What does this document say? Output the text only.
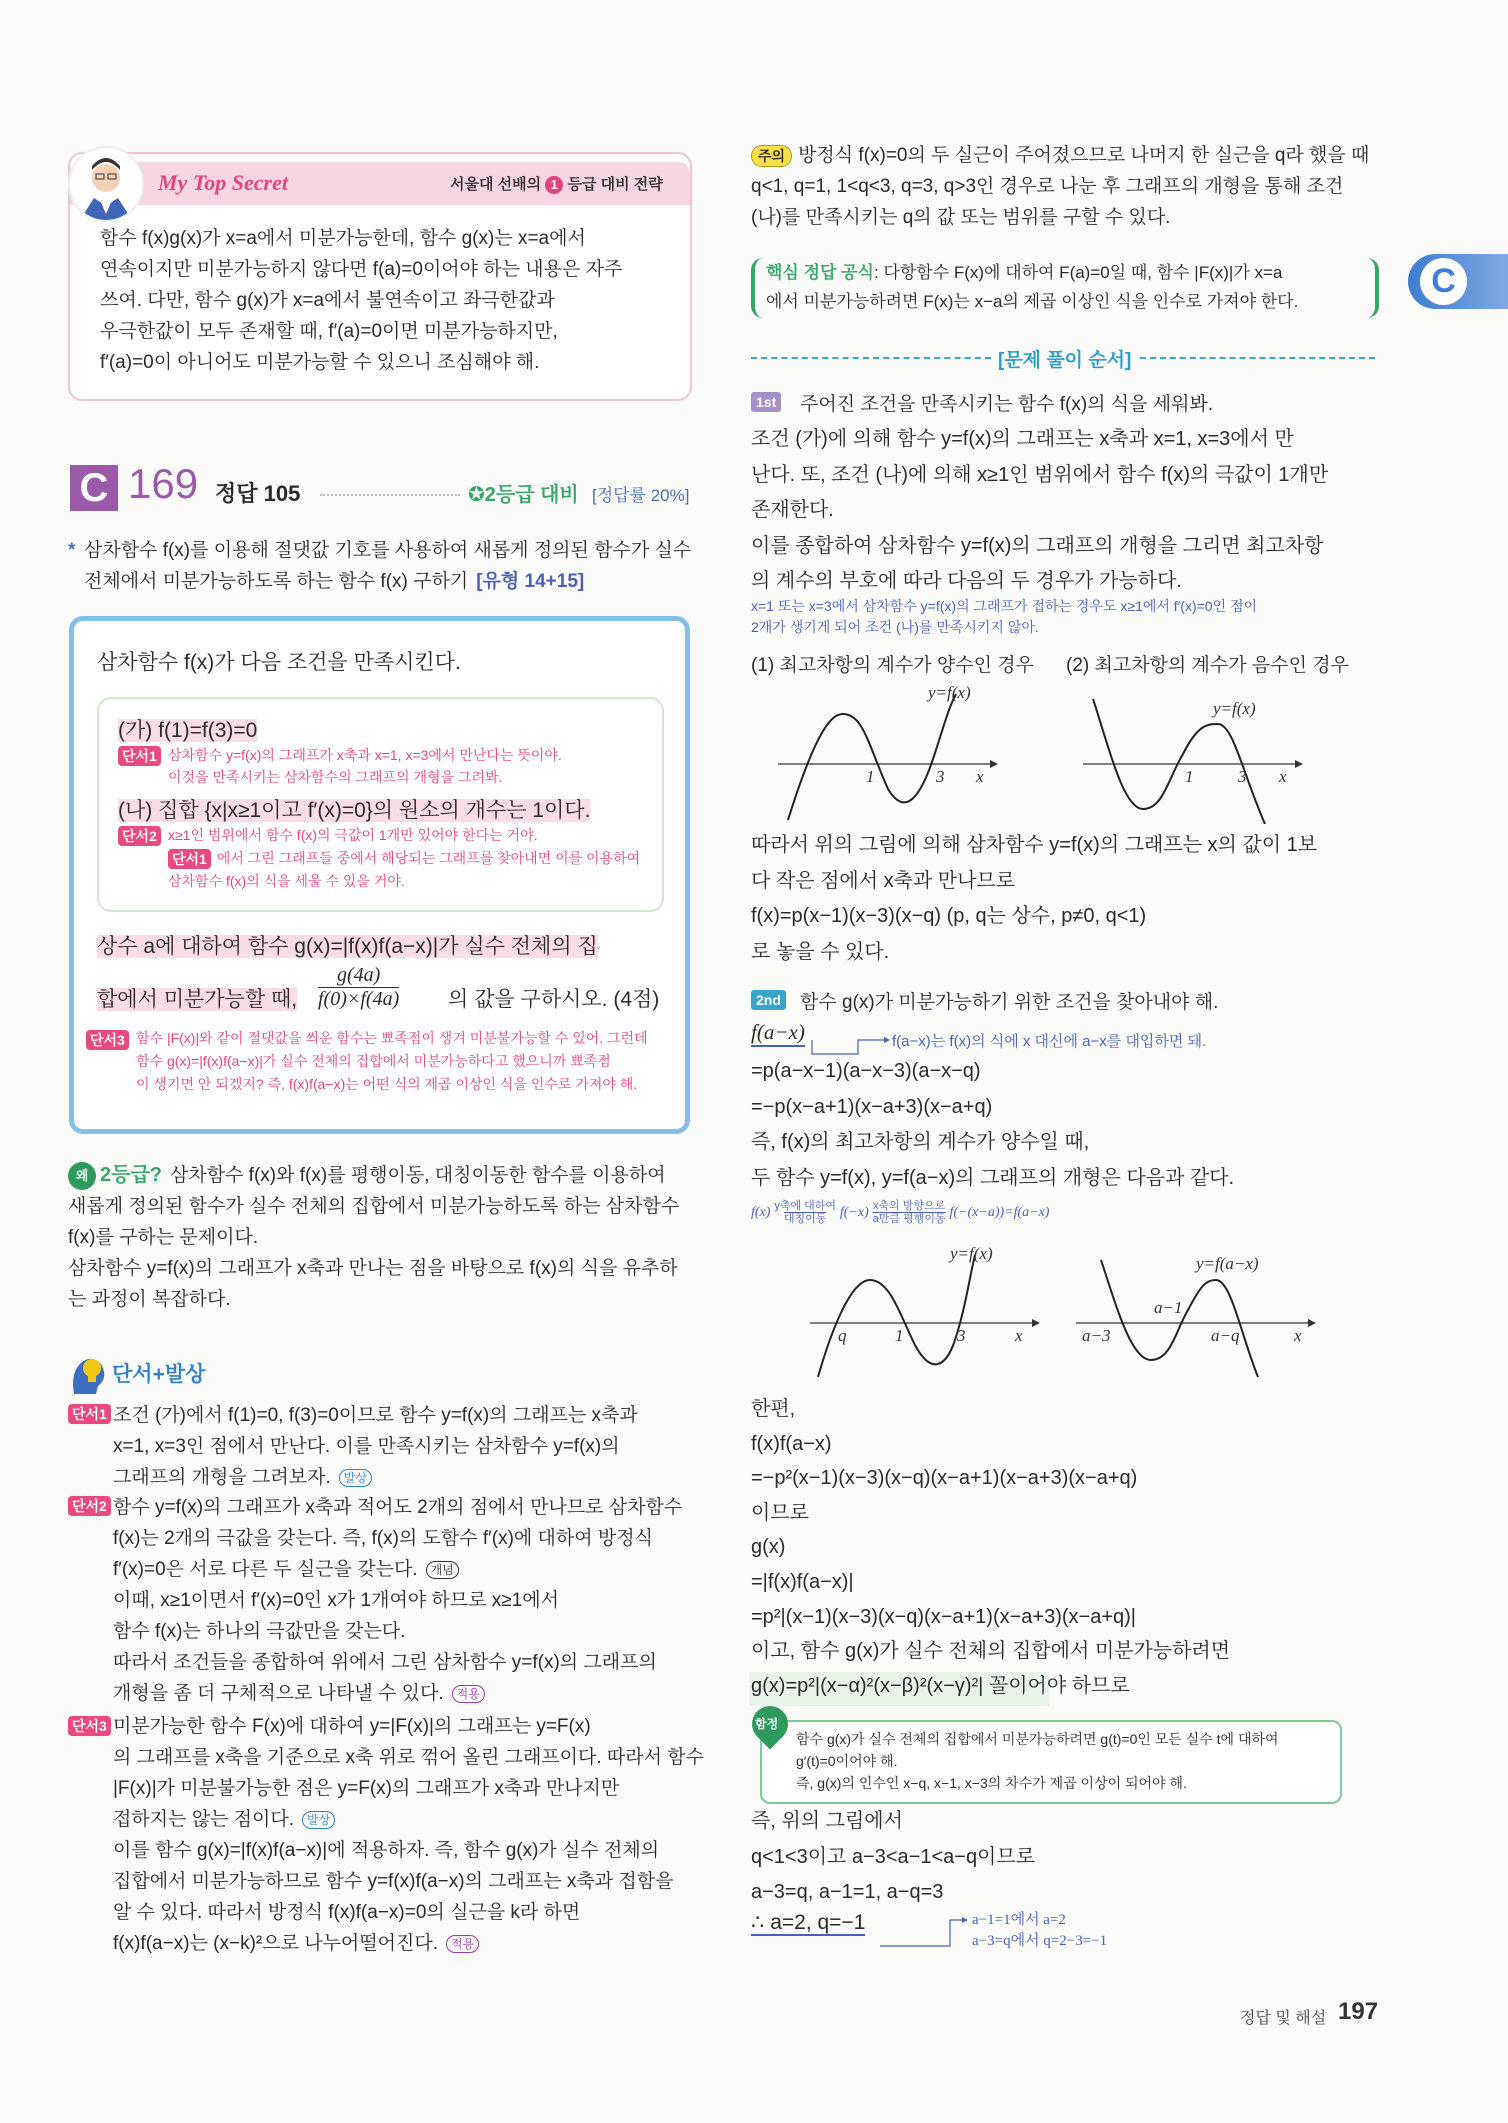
My Top Secret	서울대 선배의 1 등급 대비 전략
함수 f(x)g(x)가 x=a에서 미분가능한데, 함수 g(x)는 x=a에서
연속이지만 미분가능하지 않다면 f(a)=0이어야 하는 내용은 자주
쓰여. 다만, 함수 g(x)가 x=a에서 불연속이고 좌극한값과
우극한값이 모두 존재할 때, f′(a)=0이면 미분가능하지만,
f′(a)=0이 아니어도 미분가능할 수 있으니 조심해야 해.
C 169 정답 105	✪2등급 대비 [정답률 20%]
* 삼차함수 f(x)를 이용해 절댓값 기호를 사용하여 새롭게 정의된 함수가 실수
전체에서 미분가능하도록 하는 함수 f(x) 구하기 [유형 14+15]
삼차함수 f(x)가 다음 조건을 만족시킨다.
(가) f(1)=f(3)=0
단서1 삼차함수 y=f(x)의 그래프가 x축과 x=1, x=3에서 만난다는 뜻이야.
이것을 만족시키는 삼차함수의 그래프의 개형을 그려봐.
(나) 집합 {x|x≥1이고 f′(x)=0}의 원소의 개수는 1이다.
단서2 x≥1인 범위에서 함수 f(x)의 극값이 1개만 있어야 한다는 거야.
단서1 에서 그린 그래프들 중에서 해당되는 그래프를 찾아내면 이를 이용하여
삼차함수 f(x)의 식을 세울 수 있을 거야.
상수 a에 대하여 함수 g(x)=|f(x)f(a−x)|가 실수 전체의 집
합에서 미분가능할 때, $\frac{g(4a)}{f(0)\times f(4a)}$ 의 값을 구하시오. (4점)
단서3 함수 |F(x)|와 같이 절댓값을 씌운 함수는 뾰족점이 생겨 미분불가능할 수 있어. 그런데
함수 g(x)=|f(x)f(a−x)|가 실수 전체의 집합에서 미분가능하다고 했으니까 뾰족점
이 생기면 안 되겠지? 즉, f(x)f(a−x)는 어떤 식의 제곱 이상인 식을 인수로 가져야 해.
왜 2등급? 삼차함수 f(x)와 f(x)를 평행이동, 대칭이동한 함수를 이용하여
새롭게 정의된 함수가 실수 전체의 집합에서 미분가능하도록 하는 삼차함수
f(x)를 구하는 문제이다.
삼차함수 y=f(x)의 그래프가 x축과 만나는 점을 바탕으로 f(x)의 식을 유추하
는 과정이 복잡하다.
단서+발상
단서1 조건 (가)에서 f(1)=0, f(3)=0이므로 함수 y=f(x)의 그래프는 x축과
x=1, x=3인 점에서 만난다. 이를 만족시키는 삼차함수 y=f(x)의
그래프의 개형을 그려보자. 발상
단서2 함수 y=f(x)의 그래프가 x축과 적어도 2개의 점에서 만나므로 삼차함수
f(x)는 2개의 극값을 갖는다. 즉, f(x)의 도함수 f′(x)에 대하여 방정식
f′(x)=0은 서로 다른 두 실근을 갖는다. 개념
이때, x≥1이면서 f′(x)=0인 x가 1개여야 하므로 x≥1에서
함수 f(x)는 하나의 극값만을 갖는다.
따라서 조건들을 종합하여 위에서 그린 삼차함수 y=f(x)의 그래프의
개형을 좀 더 구체적으로 나타낼 수 있다. 적용
단서3 미분가능한 함수 F(x)에 대하여 y=|F(x)|의 그래프는 y=F(x)
의 그래프를 x축을 기준으로 x축 위로 꺾어 올린 그래프이다. 따라서 함수
|F(x)|가 미분불가능한 점은 y=F(x)의 그래프가 x축과 만나지만
접하지는 않는 점이다. 발상
이를 함수 g(x)=|f(x)f(a−x)|에 적용하자. 즉, 함수 g(x)가 실수 전체의
집합에서 미분가능하므로 함수 y=f(x)f(a−x)의 그래프는 x축과 접함을
알 수 있다. 따라서 방정식 f(x)f(a−x)=0의 실근을 k라 하면
f(x)f(a−x)는 (x−k)²으로 나누어떨어진다. 적용
주의 방정식 f(x)=0의 두 실근이 주어졌으므로 나머지 한 실근을 q라 했을 때
q<1, q=1, 1<q<3, q=3, q>3인 경우로 나눈 후 그래프의 개형을 통해 조건
(나)를 만족시키는 q의 값 또는 범위를 구할 수 있다.
핵심 정답 공식: 다항함수 F(x)에 대하여 F(a)=0일 때, 함수 |F(x)|가 x=a
에서 미분가능하려면 F(x)는 x−a의 제곱 이상인 식을 인수로 가져야 한다.
[문제 풀이 순서]
1st 주어진 조건을 만족시키는 함수 f(x)의 식을 세워봐.
조건 (가)에 의해 함수 y=f(x)의 그래프는 x축과 x=1, x=3에서 만
난다. 또, 조건 (나)에 의해 x≥1인 범위에서 함수 f(x)의 극값이 1개만
존재한다.
이를 종합하여 삼차함수 y=f(x)의 그래프의 개형을 그리면 최고차항
의 계수의 부호에 따라 다음의 두 경우가 가능하다.
x=1 또는 x=3에서 삼차함수 y=f(x)의 그래프가 접하는 경우도 x≥1에서 f′(x)=0인 점이
2개가 생기게 되어 조건 (나)를 만족시키지 않아.
(1) 최고차항의 계수가 양수인 경우 (2) 최고차항의 계수가 음수인 경우
y=f(x)
1	3 x
y=f(x)
1	3 x
따라서 위의 그림에 의해 삼차함수 y=f(x)의 그래프는 x의 값이 1보
다 작은 점에서 x축과 만나므로
f(x)=p(x−1)(x−3)(x−q) (p, q는 상수, p≠0, q<1)
로 놓을 수 있다.
2nd 함수 g(x)가 미분가능하기 위한 조건을 찾아내야 해.
f(a−x)	f(a−x)는 f(x)의 식에 x 대신에 a−x를 대입하면 돼.
=p(a−x−1)(a−x−3)(a−x−q)
=−p(x−a+1)(x−a+3)(x−a+q)
즉, f(x)의 최고차항의 계수가 양수일 때,
두 함수 y=f(x), y=f(a−x)의 그래프의 개형은 다음과 같다.
f(x) y축에 대하여
대칭이동 f(−x) x축의 방향으로
a만큼 평행이동 f(−(x−a))=f(a−x)
y=f(x)
q	1	3	x
y=f(a−x)
a−3
a−1
a−q	x
한편,
f(x)f(a−x)
=−p²(x−1)(x−3)(x−q)(x−a+1)(x−a+3)(x−a+q)
이므로
g(x)
=|f(x)f(a−x)|
=p²|(x−1)(x−3)(x−q)(x−a+1)(x−a+3)(x−a+q)|
이고, 함수 g(x)가 실수 전체의 집합에서 미분가능하려면
g(x)=p²|(x−α)²(x−β)²(x−γ)²| 꼴이어야 하므로
함정
함수 g(x)가 실수 전체의 집합에서 미분가능하려면 g(t)=0인 모든 실수 t에 대하여
g′(t)=0이어야 해.
즉, g(x)의 인수인 x−q, x−1, x−3의 차수가 제곱 이상이 되어야 해.
즉, 위의 그림에서
q<1<3이고 a−3<a−1<a−q이므로
a−3=q, a−1=1, a−q=3
∴ a=2, q=−1	a−1=1에서 a=2
a−3=q에서 q=2−3=−1
C
정답 및 해설 197
